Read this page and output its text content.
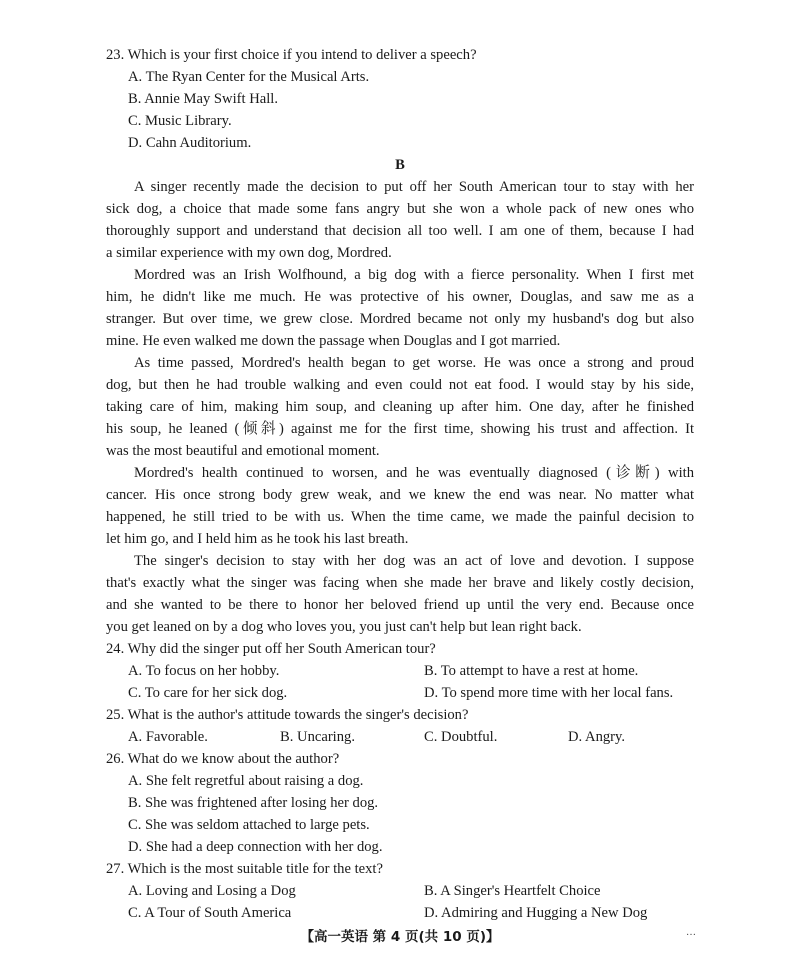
23. Which is your first choice if you intend to deliver a speech?
A. The Ryan Center for the Musical Arts.
B. Annie May Swift Hall.
C. Music Library.
D. Cahn Auditorium.
B
A singer recently made the decision to put off her South American tour to stay with her
sick dog, a choice that made some fans angry but she won a whole pack of new ones who
thoroughly support and understand that decision all too well. I am one of them, because I had
a similar experience with my own dog, Mordred.
Mordred was an Irish Wolfhound, a big dog with a fierce personality. When I first met
him, he didn't like me much. He was protective of his owner, Douglas, and saw me as a
stranger. But over time, we grew close. Mordred became not only my husband's dog but also
mine. He even walked me down the passage when Douglas and I got married.
As time passed, Mordred's health began to get worse. He was once a strong and proud
dog, but then he had trouble walking and even could not eat food. I would stay by his side,
taking care of him, making him soup, and cleaning up after him. One day, after he finished
his soup, he leaned (倾斜) against me for the first time, showing his trust and affection. It
was the most beautiful and emotional moment.
Mordred's health continued to worsen, and he was eventually diagnosed (诊断) with
cancer. His once strong body grew weak, and we knew the end was near. No matter what
happened, he still tried to be with us. When the time came, we made the painful decision to
let him go, and I held him as he took his last breath.
The singer's decision to stay with her dog was an act of love and devotion. I suppose
that's exactly what the singer was facing when she made her brave and likely costly decision,
and she wanted to be there to honor her beloved friend up until the very end. Because once
you get leaned on by a dog who loves you, you just can't help but lean right back.
24. Why did the singer put off her South American tour?
A. To focus on her hobby.	B. To attempt to have a rest at home.
C. To care for her sick dog.	D. To spend more time with her local fans.
25. What is the author's attitude towards the singer's decision?
A. Favorable.	B. Uncaring.	C. Doubtful.	D. Angry.
26. What do we know about the author?
A. She felt regretful about raising a dog.
B. She was frightened after losing her dog.
C. She was seldom attached to large pets.
D. She had a deep connection with her dog.
27. Which is the most suitable title for the text?
A. Loving and Losing a Dog	B. A Singer's Heartfelt Choice
C. A Tour of South America	D. Admiring and Hugging a New Dog
【高一英语 第 4 页(共 10 页)】	…
